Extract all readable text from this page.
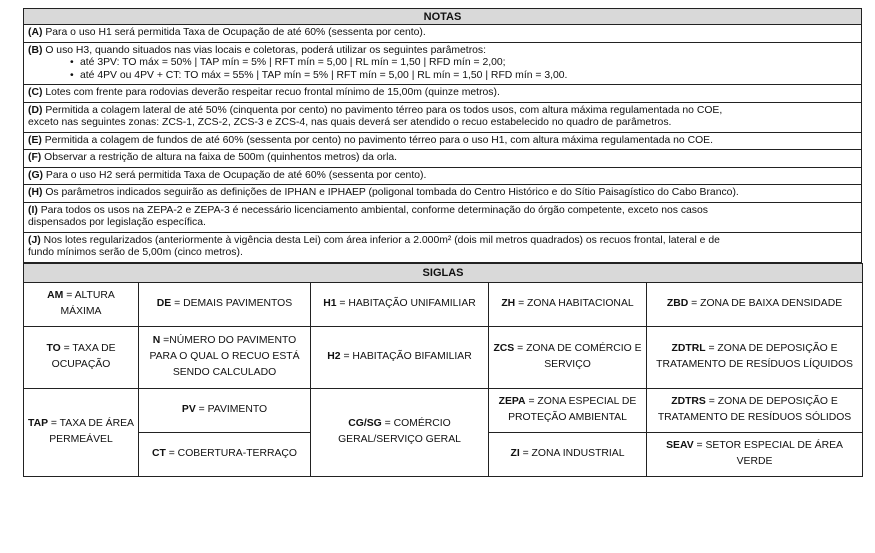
NOTAS
(A) Para o uso H1 será permitida Taxa de Ocupação de até 60% (sessenta por cento).
(B) O uso H3, quando situados nas vias locais e coletoras, poderá utilizar os seguintes parâmetros:
• até 3PV: TO máx = 50% | TAP mín = 5% | RFT mín = 5,00 | RL mín = 1,50 | RFD mín = 2,00;
• até 4PV ou 4PV + CT: TO máx = 55% | TAP mín = 5% | RFT mín = 5,00 | RL mín = 1,50 | RFD mín = 3,00.
(C) Lotes com frente para rodovias deverão respeitar recuo frontal mínimo de 15,00m (quinze metros).
(D) Permitida a colagem lateral de até 50% (cinquenta por cento) no pavimento térreo para os todos usos, com altura máxima regulamentada no COE,
exceto nas seguintes zonas: ZCS-1, ZCS-2, ZCS-3 e ZCS-4, nas quais deverá ser atendido o recuo estabelecido no quadro de parâmetros.
(E) Permitida a colagem de fundos de até 60% (sessenta por cento) no pavimento térreo para o uso H1, com altura máxima regulamentada no COE.
(F) Observar a restrição de altura na faixa de 500m (quinhentos metros) da orla.
(G) Para o uso H2 será permitida Taxa de Ocupação de até 60% (sessenta por cento).
(H) Os parâmetros indicados seguirão as definições de IPHAN e IPHAEP (poligonal tombada do Centro Histórico e do Sítio Paisagístico do Cabo Branco).
(I) Para todos os usos na ZEPA-2 e ZEPA-3 é necessário licenciamento ambiental, conforme determinação do órgão competente, exceto nos casos
dispensados por legislação específica.
(J) Nos lotes regularizados (anteriormente à vigência desta Lei) com área inferior a 2.000m² (dois mil metros quadrados) os recuos frontal, lateral e de
fundo mínimos serão de 5,00m (cinco metros).
SIGLAS				
AM = ALTURA MÁXIMA	DE = DEMAIS PAVIMENTOS	H1 = HABITAÇÃO UNIFAMILIAR	ZH = ZONA HABITACIONAL	ZBD = ZONA DE BAIXA DENSIDADE
TO = TAXA DE OCUPAÇÃO	N =NÚMERO DO PAVIMENTO PARA O QUAL O RECUO ESTÁ SENDO CALCULADO	H2 = HABITAÇÃO BIFAMILIAR	ZCS = ZONA DE COMÉRCIO E SERVIÇO	ZDTRL = ZONA DE DEPOSIÇÃO E TRATAMENTO DE RESÍDUOS LÍQUIDOS
TAP = TAXA DE ÁREA PERMEÁVEL	PV = PAVIMENTO	CG/SG = COMÉRCIO GERAL/SERVIÇO GERAL	ZEPA = ZONA ESPECIAL DE PROTEÇÃO AMBIENTAL	ZDTRS = ZONA DE DEPOSIÇÃO E TRATAMENTO DE RESÍDUOS SÓLIDOS
	CT = COBERTURA-TERRAÇO		ZI = ZONA INDUSTRIAL	SEAV = SETOR ESPECIAL DE ÁREA VERDE
